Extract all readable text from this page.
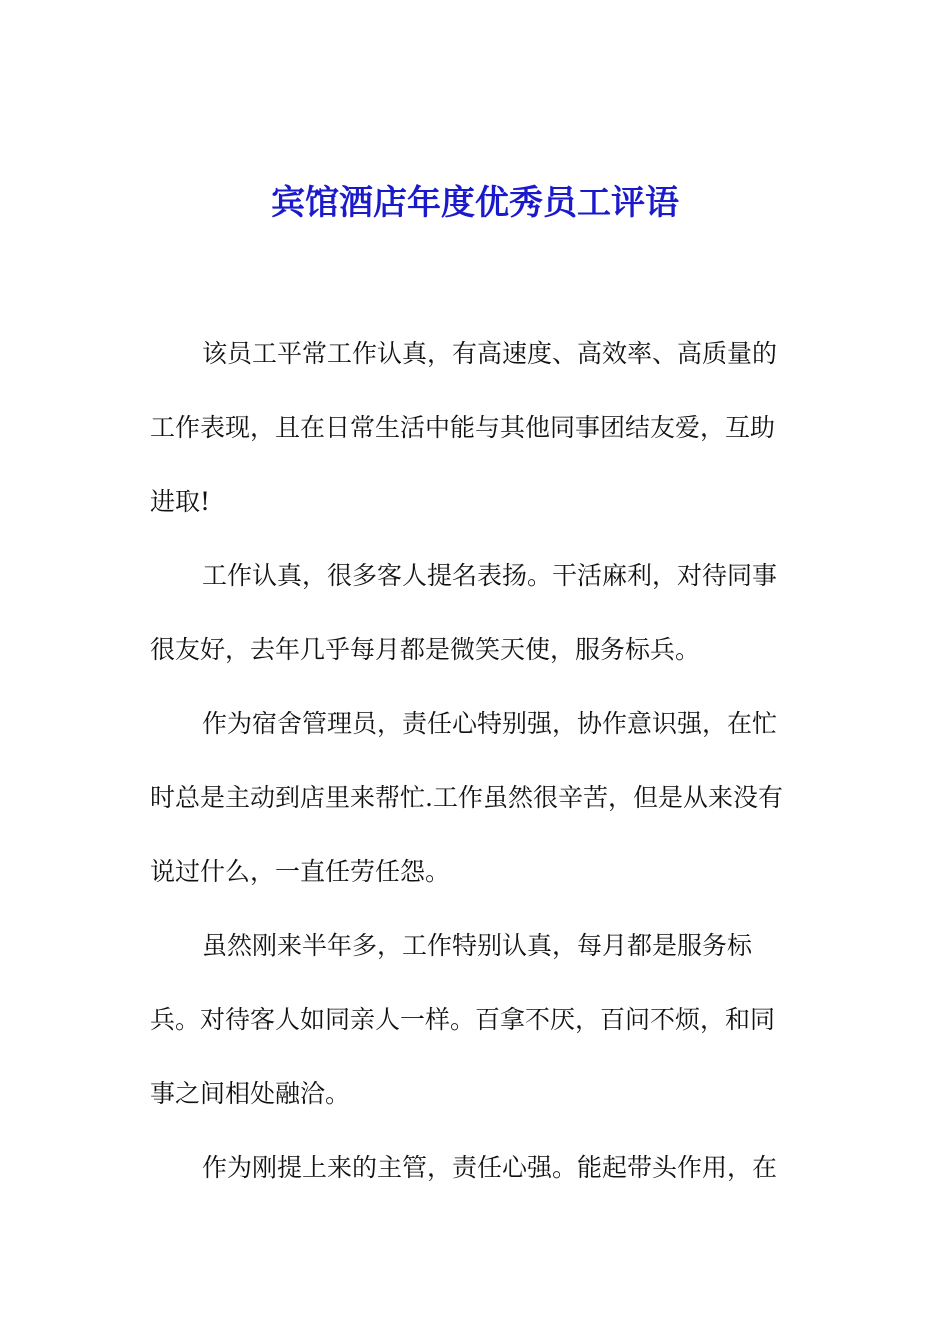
宾馆酒店年度优秀员工评语
该员工平常工作认真，有高速度、高效率、高质量的
工作表现，且在日常生活中能与其他同事团结友爱，互助
进取!
工作认真，很多客人提名表扬。干活麻利，对待同事
很友好，去年几乎每月都是微笑天使，服务标兵。
作为宿舍管理员，责任心特别强，协作意识强，在忙
时总是主动到店里来帮忙.工作虽然很辛苦，但是从来没有
说过什么，一直任劳任怨。
虽然刚来半年多，工作特别认真，每月都是服务标
兵。对待客人如同亲人一样。百拿不厌，百问不烦，和同
事之间相处融洽。
作为刚提上来的主管，责任心强。能起带头作用，在
